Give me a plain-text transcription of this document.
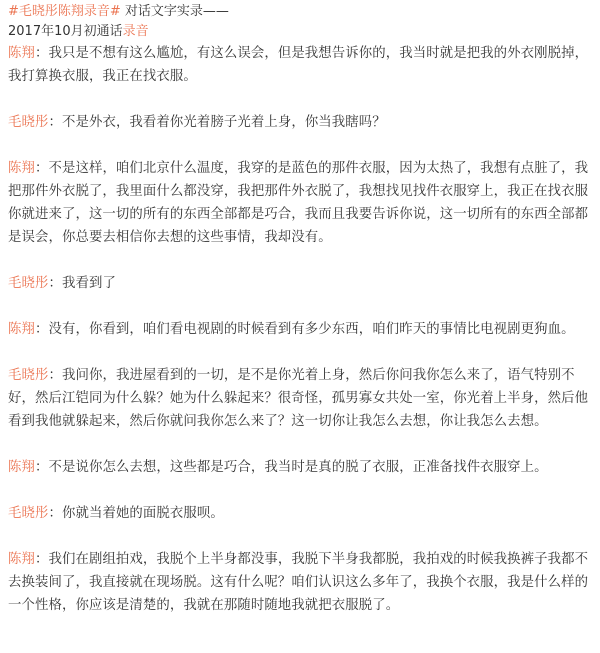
#毛晓彤陈翔录音# 对话文字实录——

2017年10月初通话录音

陈翔：我只是不想有这么尴尬，有这么误会，但是我想告诉你的，我当时就是把我的外衣刚脱掉，我打算换衣服，我正在找衣服。

毛晓彤：不是外衣，我看着你光着膀子光着上身，你当我瞎吗？

陈翔：不是这样，咱们北京什么温度，我穿的是蓝色的那件衣服，因为太热了，我想有点脏了，我把那件外衣脱了，我里面什么都没穿，我把那件外衣脱了，我想找见找件衣服穿上，我正在找衣服你就进来了，这一切的所有的东西全部都是巧合，我而且我要告诉你说，这一切所有的东西全部都是误会，你总要去相信你去想的这些事情，我却没有。

毛晓彤：我看到了

陈翔：没有，你看到，咱们看电视剧的时候看到有多少东西，咱们昨天的事情比电视剧更狗血。

毛晓彤：我问你，我进屋看到的一切，是不是你光着上身，然后你问我你怎么来了，语气特别不好，然后江铠同为什么躲？她为什么躲起来？很奇怪，孤男寡女共处一室，你光着上半身，然后他看到我他就躲起来，然后你就问我你怎么来了？这一切你让我怎么去想，你让我怎么去想。

陈翔：不是说你怎么去想，这些都是巧合，我当时是真的脱了衣服，正准备找件衣服穿上。

毛晓彤：你就当着她的面脱衣服呗。

陈翔：我们在剧组拍戏，我脱个上半身都没事，我脱下半身我都脱，我拍戏的时候我换裤子我都不去换装间了，我直接就在现场脱。这有什么呢？咱们认识这么多年了，我换个衣服，我是什么样的一个性格，你应该是清楚的，我就在那随时随地我就把衣服脱了。
